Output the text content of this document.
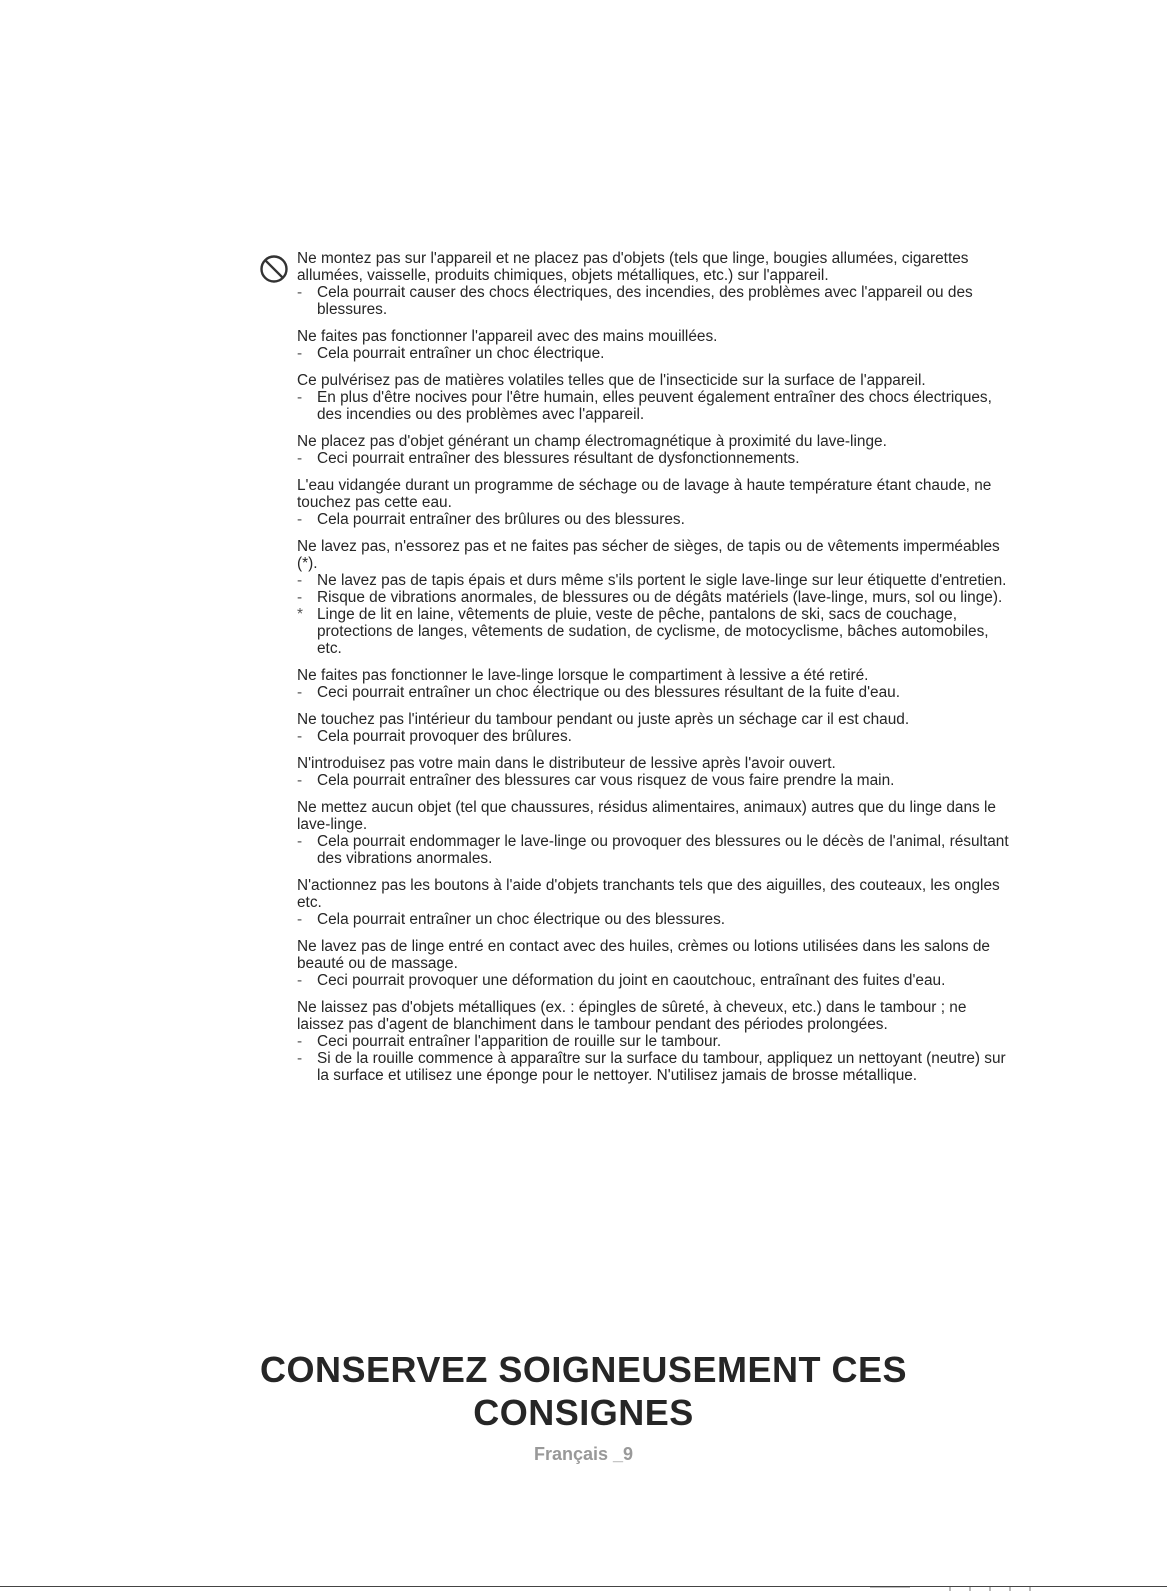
Ne montez pas sur l'appareil et ne placez pas d'objets (tels que linge, bougies allumées, cigarettes allumées, vaisselle, produits chimiques, objets métalliques, etc.) sur l'appareil.

- Cela pourrait causer des chocs électriques, des incendies, des problèmes avec l'appareil ou des blessures.

Ne faites pas fonctionner l'appareil avec des mains mouillées.

- Cela pourrait entraîner un choc électrique.

Ce pulvérisez pas de matières volatiles telles que de l'insecticide sur la surface de l'appareil.

- En plus d'être nocives pour l'être humain, elles peuvent également entraîner des chocs électriques, des incendies ou des problèmes avec l'appareil.

Ne placez pas d'objet générant un champ électromagnétique à proximité du lave-linge.

- Ceci pourrait entraîner des blessures résultant de dysfonctionnements.

L'eau vidangée durant un programme de séchage ou de lavage à haute température étant chaude, ne touchez pas cette eau.

- Cela pourrait entraîner des brûlures ou des blessures.

Ne lavez pas, n'essorez pas et ne faites pas sécher de sièges, de tapis ou de vêtements imperméables (*).

- Ne lavez pas de tapis épais et durs même s'ils portent le sigle lave-linge sur leur étiquette d'entretien.

- Risque de vibrations anormales, de blessures ou de dégâts matériels (lave-linge, murs, sol ou linge).

* Linge de lit en laine, vêtements de pluie, veste de pêche, pantalons de ski, sacs de couchage, protections de langes, vêtements de sudation, de cyclisme, de motocyclisme, bâches automobiles, etc.

Ne faites pas fonctionner le lave-linge lorsque le compartiment à lessive a été retiré.

- Ceci pourrait entraîner un choc électrique ou des blessures résultant de la fuite d'eau.

Ne touchez pas l'intérieur du tambour pendant ou juste après un séchage car il est chaud.

- Cela pourrait provoquer des brûlures.

N'introduisez pas votre main dans le distributeur de lessive après l'avoir ouvert.

- Cela pourrait entraîner des blessures car vous risquez de vous faire prendre la main.

Ne mettez aucun objet (tel que chaussures, résidus alimentaires, animaux) autres que du linge dans le lave-linge.

- Cela pourrait endommager le lave-linge ou provoquer des blessures ou le décès de l'animal, résultant des vibrations anormales.

N'actionnez pas les boutons à l'aide d'objets tranchants tels que des aiguilles, des couteaux, les ongles etc.

- Cela pourrait entraîner un choc électrique ou des blessures.

Ne lavez pas de linge entré en contact avec des huiles, crèmes ou lotions utilisées dans les salons de beauté ou de massage.

- Ceci pourrait provoquer une déformation du joint en caoutchouc, entraînant des fuites d'eau.

Ne laissez pas d'objets métalliques (ex. : épingles de sûreté, à cheveux, etc.) dans le tambour ; ne laissez pas d'agent de blanchiment dans le tambour pendant des périodes prolongées.

- Ceci pourrait entraîner l'apparition de rouille sur le tambour.

- Si de la rouille commence à apparaître sur la surface du tambour, appliquez un nettoyant (neutre) sur la surface et utilisez une éponge pour le nettoyer. N'utilisez jamais de brosse métallique.

CONSERVEZ SOIGNEUSEMENT CES
CONSIGNES
Français _9
